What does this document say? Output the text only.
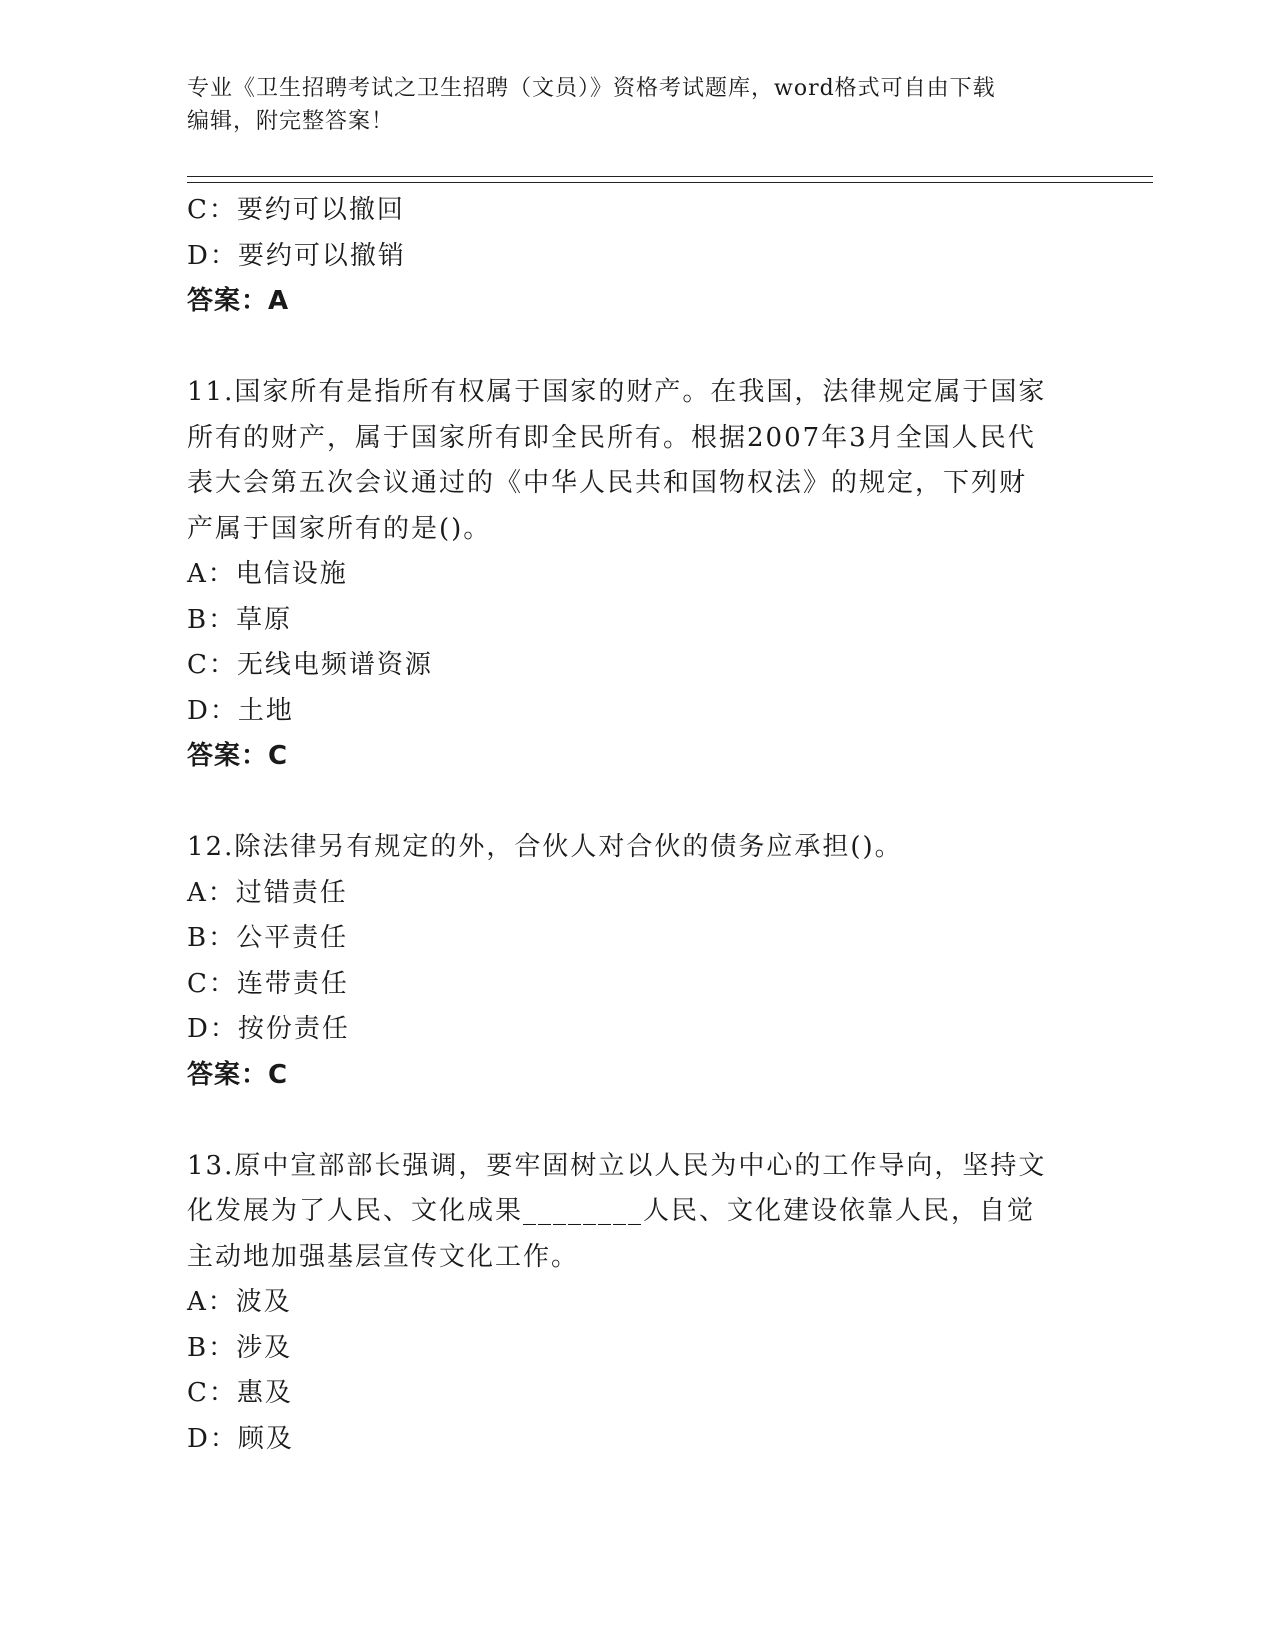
专业《卫生招聘考试之卫生招聘（文员）》资格考试题库，word格式可自由下载
编辑，附完整答案！
C：要约可以撤回
D：要约可以撤销
答案：A
11.国家所有是指所有权属于国家的财产。在我国，法律规定属于国家
所有的财产，属于国家所有即全民所有。根据2007年3月全国人民代
表大会第五次会议通过的《中华人民共和国物权法》的规定，下列财
产属于国家所有的是()。
A：电信设施
B：草原
C：无线电频谱资源
D：土地
答案：C
12.除法律另有规定的外，合伙人对合伙的债务应承担()。
A：过错责任
B：公平责任
C：连带责任
D：按份责任
答案：C
13.原中宣部部长强调，要牢固树立以人民为中心的工作导向，坚持文
化发展为了人民、文化成果________人民、文化建设依靠人民，自觉
主动地加强基层宣传文化工作。
A：波及
B：涉及
C：惠及
D：顾及
